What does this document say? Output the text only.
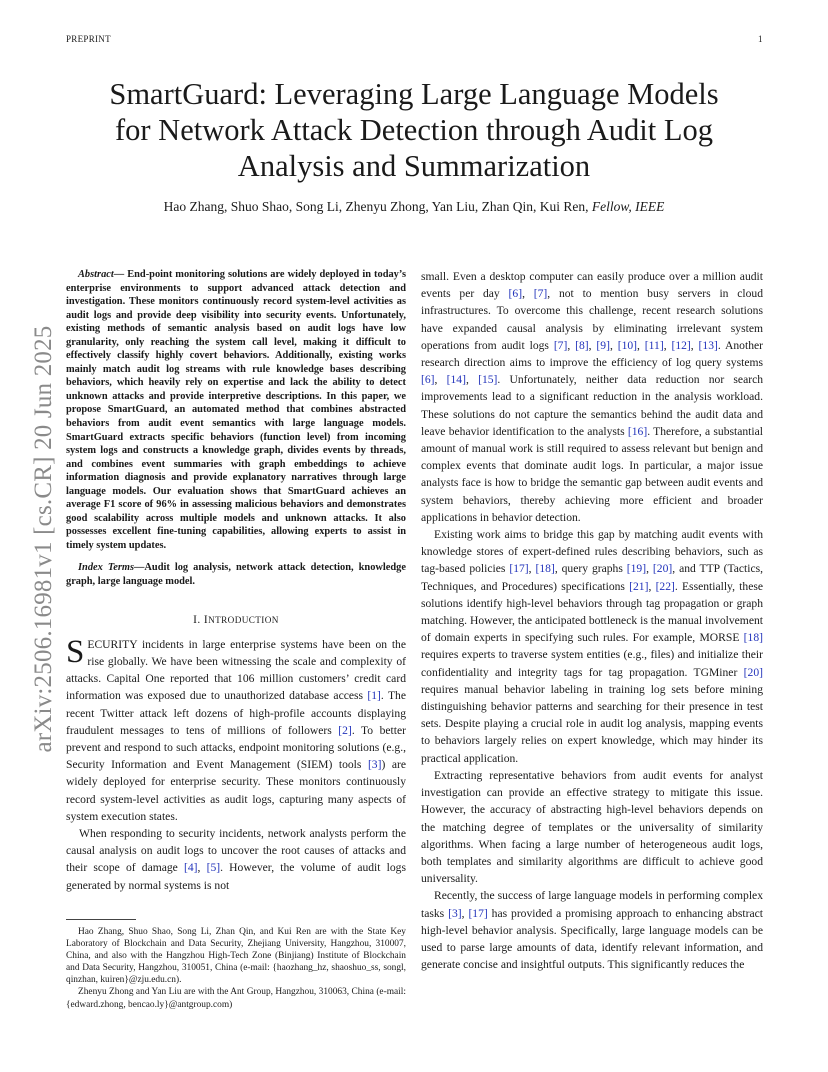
PREPRINT	1
arXiv:2506.16981v1 [cs.CR] 20 Jun 2025
SmartGuard: Leveraging Large Language Models
for Network Attack Detection through Audit Log
Analysis and Summarization
Hao Zhang, Shuo Shao, Song Li, Zhenyu Zhong, Yan Liu, Zhan Qin, Kui Ren, Fellow, IEEE

Abstract— End-point monitoring solutions are widely deployed in today’s enterprise environments to support advanced attack detection and investigation. These monitors continuously record system-level activities as audit logs and provide deep visibility into security events. Unfortunately, existing methods of semantic analysis based on audit logs have low granularity, only reaching the system call level, making it difficult to effectively classify highly covert behaviors. Additionally, existing works mainly match audit log streams with rule knowledge bases describing behaviors, which heavily rely on expertise and lack the ability to detect unknown attacks and provide interpretive descriptions. In this paper, we propose SmartGuard, an automated method that combines abstracted behaviors from audit event semantics with large language models. SmartGuard extracts specific behaviors (function level) from incoming system logs and constructs a knowledge graph, divides events by threads, and combines event summaries with graph embeddings to achieve information diagnosis and provide explanatory narratives through large language models. Our evaluation shows that SmartGuard achieves an average F1 score of 96% in assessing malicious behaviors and demonstrates good scalability across multiple models and unknown attacks. It also possesses excellent fine-tuning capabilities, allowing experts to assist in timely system updates.

Index Terms—Audit log analysis, network attack detection, knowledge graph, large language model.

I. INTRODUCTION

SECURITY incidents in large enterprise systems have been on the rise globally. We have been witnessing the scale and complexity of attacks. Capital One reported that 106 million customers’ credit card information was exposed due to unauthorized database access [1]. The recent Twitter attack left dozens of high-profile accounts displaying fraudulent messages to tens of millions of followers [2]. To better prevent and respond to such attacks, endpoint monitoring solutions (e.g., Security Information and Event Management (SIEM) tools [3]) are widely deployed for enterprise security. These monitors continuously record system-level activities as audit logs, capturing many aspects of system execution states.

When responding to security incidents, network analysts perform the causal analysis on audit logs to uncover the root causes of attacks and their scope of damage [4], [5]. However, the volume of audit logs generated by normal systems is not

Hao Zhang, Shuo Shao, Song Li, Zhan Qin, and Kui Ren are with the State Key Laboratory of Blockchain and Data Security, Zhejiang University, Hangzhou, 310007, China, and also with the Hangzhou High-Tech Zone (Binjiang) Institute of Blockchain and Data Security, Hangzhou, 310051, China (e-mail: {haozhang_hz, shaoshuo_ss, songl, qinzhan, kuiren}@zju.edu.cn).

Zhenyu Zhong and Yan Liu are with the Ant Group, Hangzhou, 310063, China (e-mail: {edward.zhong, bencao.ly}@antgroup.com)

small. Even a desktop computer can easily produce over a million audit events per day [6], [7], not to mention busy servers in cloud infrastructures. To overcome this challenge, recent research solutions have expanded causal analysis by eliminating irrelevant system operations from audit logs [7], [8], [9], [10], [11], [12], [13]. Another research direction aims to improve the efficiency of log query systems [6], [14], [15]. Unfortunately, neither data reduction nor search improvements lead to a significant reduction in the analysis workload. These solutions do not capture the semantics behind the audit data and leave behavior identification to the analysts [16]. Therefore, a substantial amount of manual work is still required to assess relevant but benign and complex events that dominate audit logs. In particular, a major issue analysts face is how to bridge the semantic gap between audit events and system behaviors, thereby achieving more efficient and broader applications in behavior detection.

Existing work aims to bridge this gap by matching audit events with knowledge stores of expert-defined rules describing behaviors, such as tag-based policies [17], [18], query graphs [19], [20], and TTP (Tactics, Techniques, and Procedures) specifications [21], [22]. Essentially, these solutions identify high-level behaviors through tag propagation or graph matching. However, the anticipated bottleneck is the manual involvement of domain experts in specifying such rules. For example, MORSE [18] requires experts to traverse system entities (e.g., files) and initialize their confidentiality and integrity tags for tag propagation. TGMiner [20] requires manual behavior labeling in training log sets before mining distinguishing behavior patterns and searching for their presence in test sets. Despite playing a crucial role in audit log analysis, mapping events to behaviors largely relies on expert knowledge, which may hinder its practical application.

Extracting representative behaviors from audit events for analyst investigation can provide an effective strategy to mitigate this issue. However, the accuracy of abstracting high-level behaviors depends on the matching degree of templates or the universality of similarity algorithms. When facing a large number of heterogeneous audit logs, both templates and similarity algorithms are difficult to achieve good universality.

Recently, the success of large language models in performing complex tasks [3], [17] has provided a promising approach to enhancing abstract high-level behavior analysis. Specifically, large language models can be used to parse large amounts of data, identify relevant information, and generate concise and insightful outputs. This significantly reduces the
